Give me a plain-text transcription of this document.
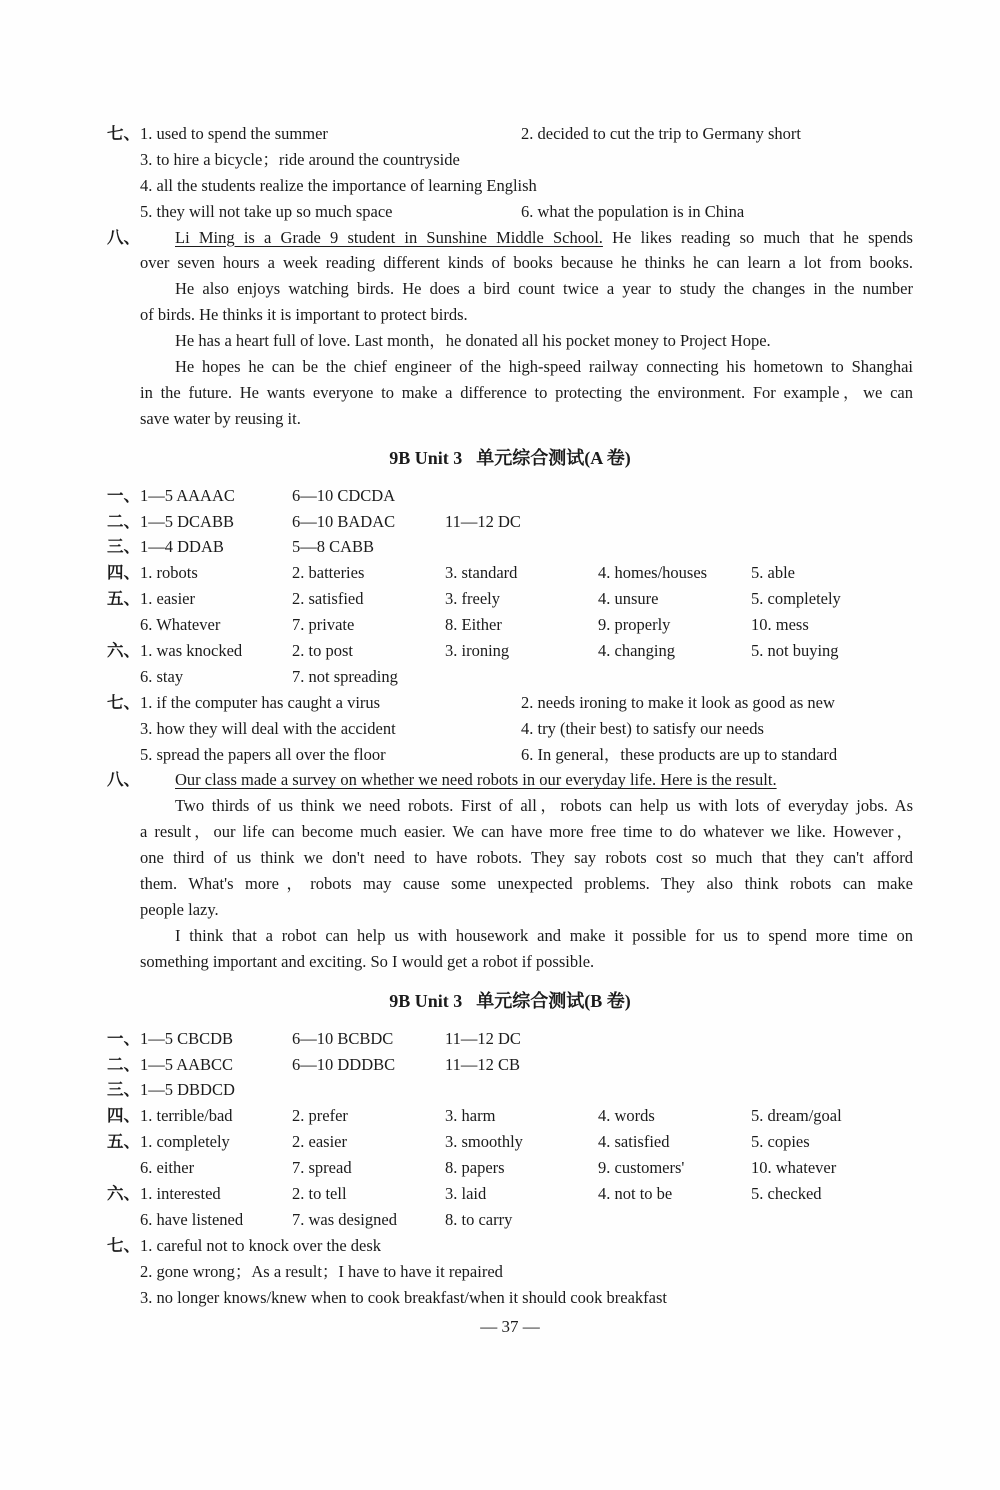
七、 1. used to spend the summer	2. decided to cut the trip to Germany short
3. to hire a bicycle；ride around the countryside
4. all the students realize the importance of learning English
5. they will not take up so much space	6. what the population is in China
八、 Li Ming is a Grade 9 student in Sunshine Middle School. He likes reading so much that he spends
over seven hours a week reading different kinds of books because he thinks he can learn a lot from books.
He also enjoys watching birds. He does a bird count twice a year to study the changes in the number
of birds. He thinks it is important to protect birds.
He has a heart full of love. Last month，he donated all his pocket money to Project Hope.
He hopes he can be the chief engineer of the high-speed railway connecting his hometown to Shanghai
in the future. He wants everyone to make a difference to protecting the environment. For example，we can
save water by reusing it.
9B Unit 3 单元综合测试(A 卷)
一、 1—5 AAAAC	6—10 CDCDA
二、 1—5 DCABB	6—10 BADAC	11—12 DC
三、 1—4 DDAB	5—8 CABB
四、 1. robots	2. batteries	3. standard	4. homes/houses	5. able
五、 1. easier	2. satisfied	3. freely	4. unsure	5. completely
6. Whatever	7. private	8. Either	9. properly	10. mess
六、 1. was knocked	2. to post	3. ironing	4. changing	5. not buying
6. stay	7. not spreading
七、 1. if the computer has caught a virus	2. needs ironing to make it look as good as new
3. how they will deal with the accident	4. try (their best) to satisfy our needs
5. spread the papers all over the floor	6. In general，these products are up to standard
八、 Our class made a survey on whether we need robots in our everyday life. Here is the result.
Two thirds of us think we need robots. First of all，robots can help us with lots of everyday jobs. As
a result，our life can become much easier. We can have more free time to do whatever we like. However，
one third of us think we don't need to have robots. They say robots cost so much that they can't afford
them. What's more，robots may cause some unexpected problems. They also think robots can make
people lazy.
I think that a robot can help us with housework and make it possible for us to spend more time on
something important and exciting. So I would get a robot if possible.
9B Unit 3 单元综合测试(B 卷)
一、 1—5 CBCDB	6—10 BCBDC	11—12 DC
二、 1—5 AABCC	6—10 DDDBC	11—12 CB
三、 1—5 DBDCD
四、 1. terrible/bad	2. prefer	3. harm	4. words	5. dream/goal
五、 1. completely	2. easier	3. smoothly	4. satisfied	5. copies
6. either	7. spread	8. papers	9. customers'	10. whatever
六、 1. interested	2. to tell	3. laid	4. not to be	5. checked
6. have listened	7. was designed	8. to carry
七、 1. careful not to knock over the desk
2. gone wrong；As a result；I have to have it repaired
3. no longer knows/knew when to cook breakfast/when it should cook breakfast
— 37 —
